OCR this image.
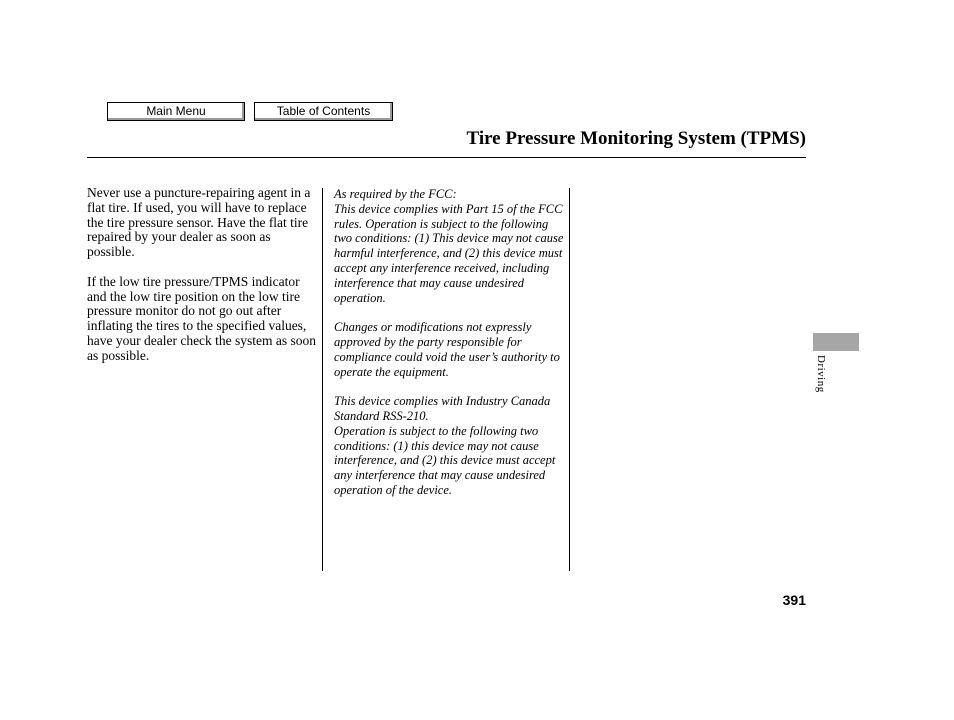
Main Menu	Table of Contents
Tire Pressure Monitoring System (TPMS)

Never use a puncture-repairing agent in a flat tire. If used, you will have to replace the tire pressure sensor. Have the flat tire repaired by your dealer as soon as possible.

If the low tire pressure/TPMS indicator and the low tire position on the low tire pressure monitor do not go out after inflating the tires to the specified values, have your dealer check the system as soon as possible.

As required by the FCC:
This device complies with Part 15 of the FCC rules. Operation is subject to the following two conditions: (1) This device may not cause harmful interference, and (2) this device must accept any interference received, including interference that may cause undesired operation.

Changes or modifications not expressly approved by the party responsible for compliance could void the user’s authority to operate the equipment.

This device complies with Industry Canada Standard RSS-210.
Operation is subject to the following two conditions: (1) this device may not cause interference, and (2) this device must accept any interference that may cause undesired operation of the device.

Driving
391
